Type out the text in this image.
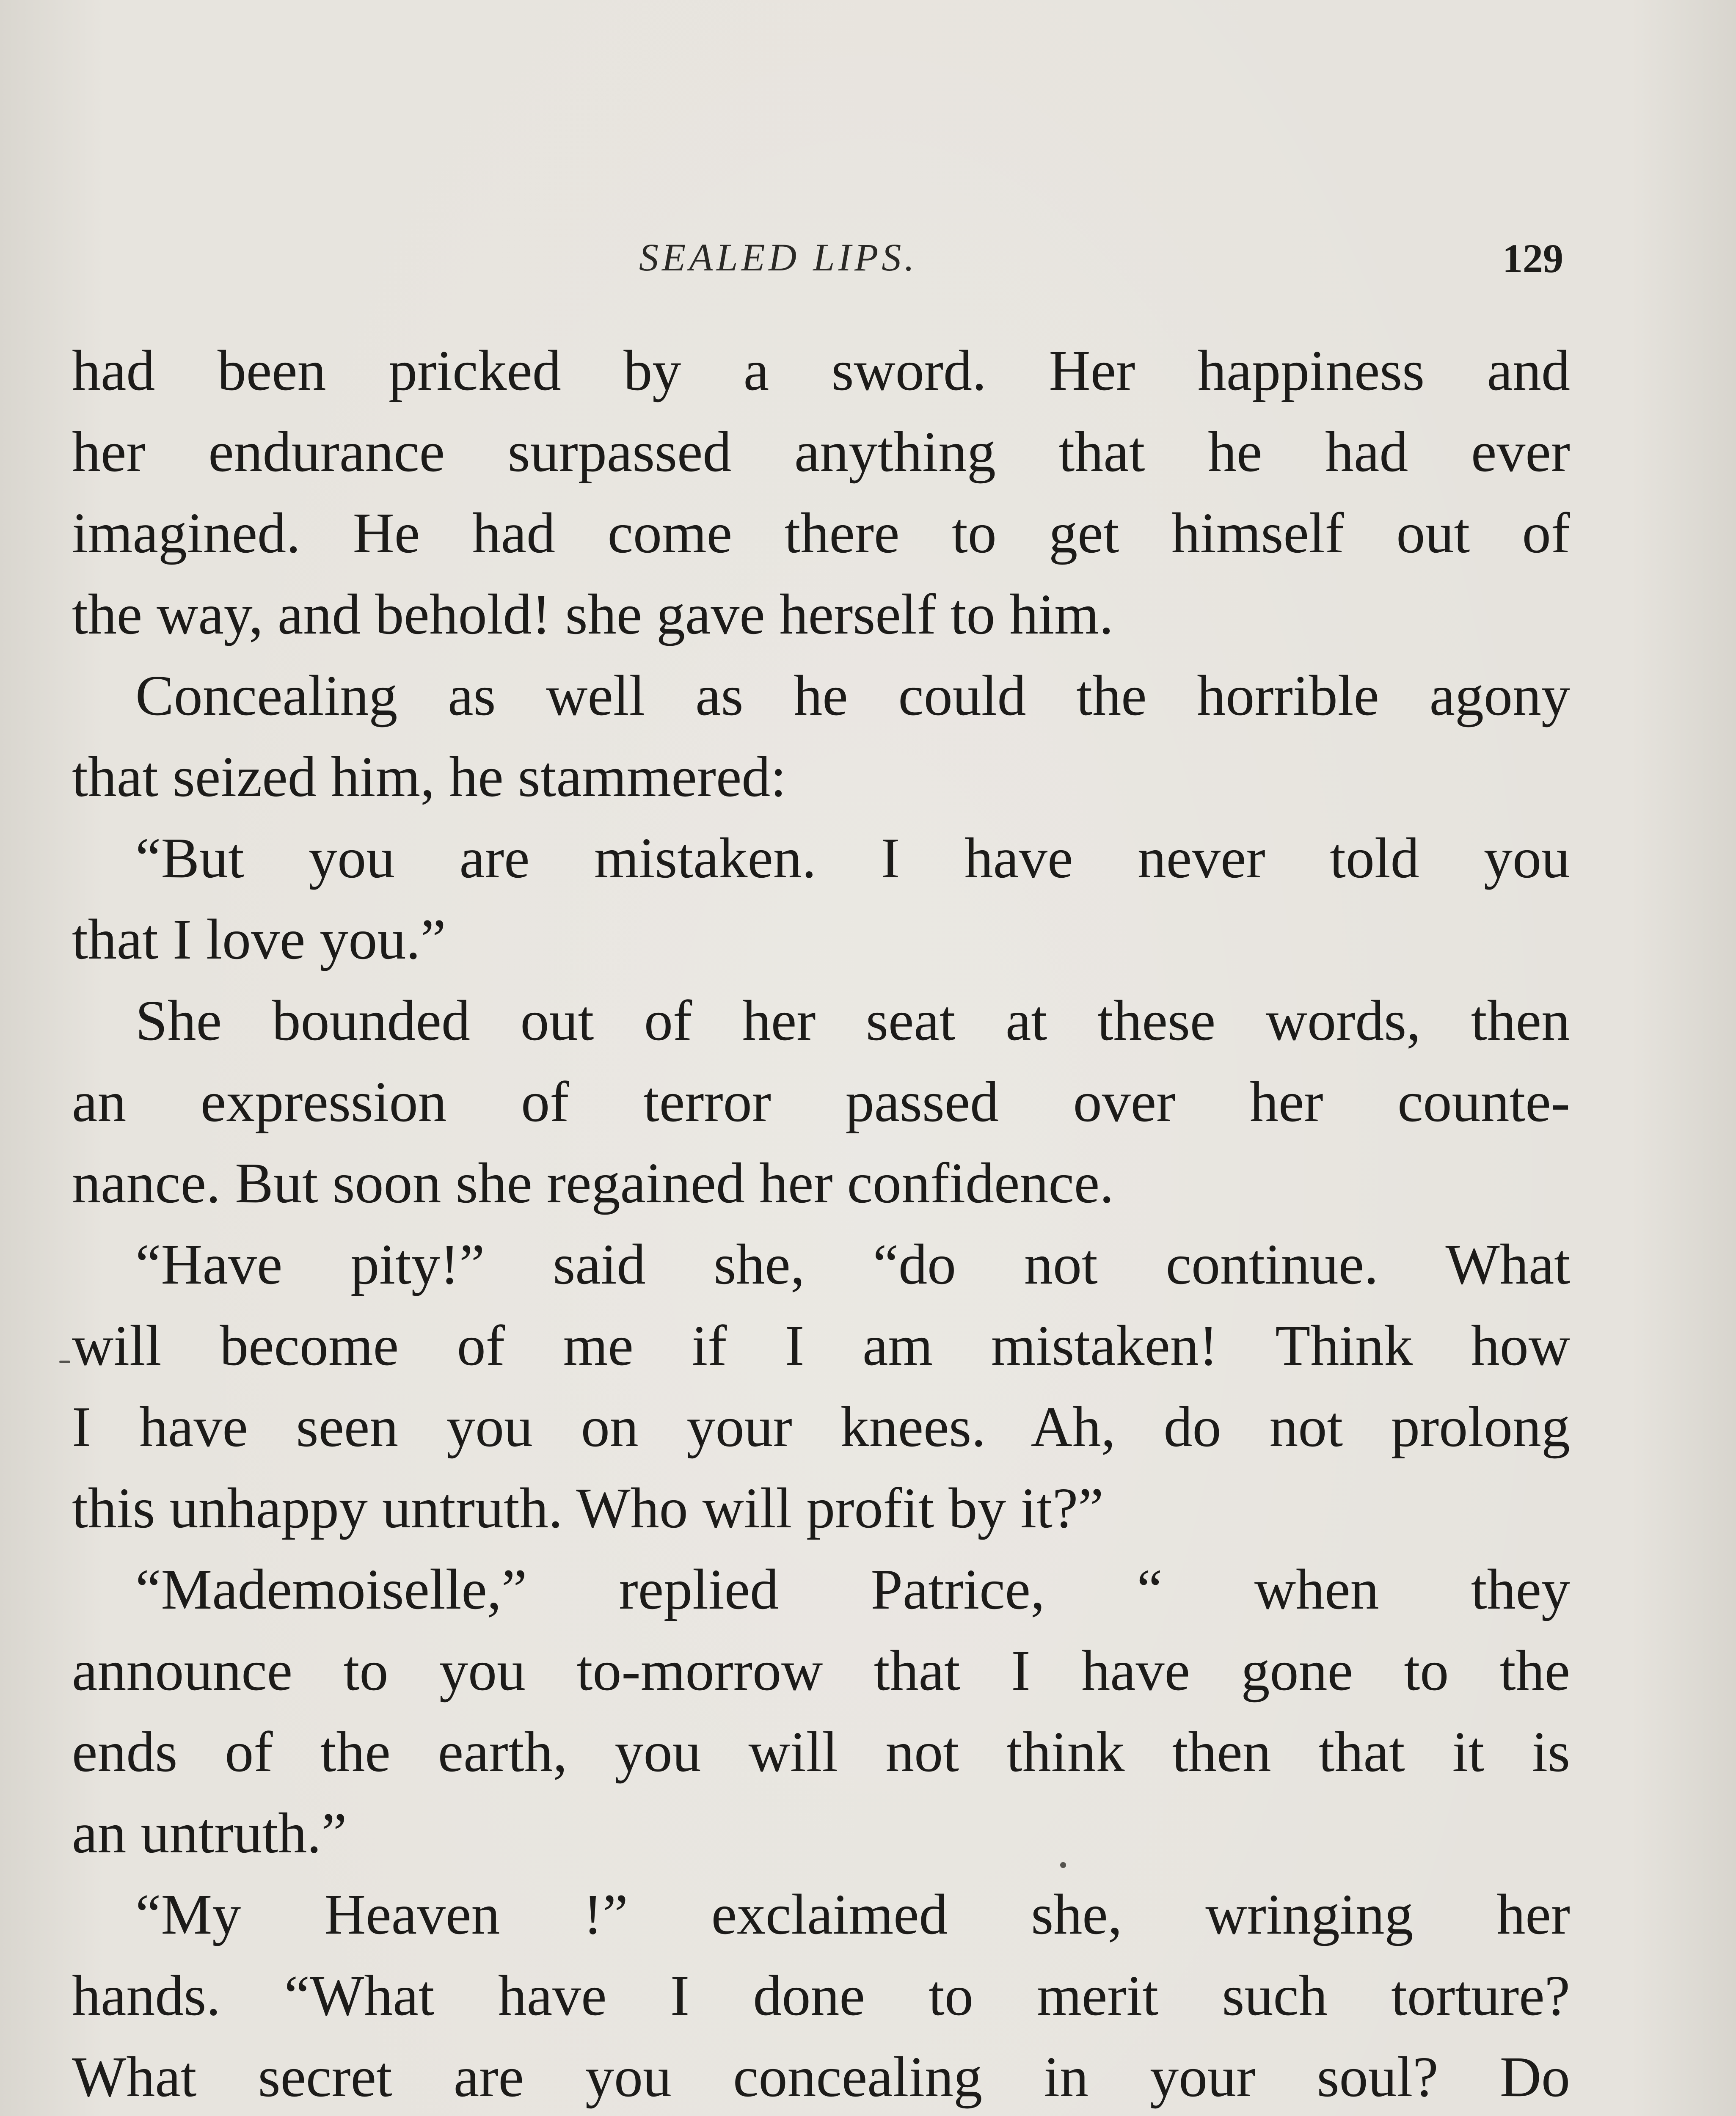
SEALED LIPS.	129
had been pricked by a sword. Her happiness and
her endurance surpassed anything that he had ever
imagined. He had come there to get himself out of
the way, and behold! she gave herself to him.
Concealing as well as he could the horrible agony
that seized him, he stammered:
“But you are mistaken. I have never told you
that I love you.”
She bounded out of her seat at these words, then
an expression of terror passed over her counte-
nance. But soon she regained her confidence.
“Have pity!” said she, “do not continue. What
will become of me if I am mistaken! Think how
I have seen you on your knees. Ah, do not prolong
this unhappy untruth. Who will profit by it?”
“Mademoiselle,” replied Patrice, “ when they
announce to you to-morrow that I have gone to the
ends of the earth, you will not think then that it is
an untruth.”
“My Heaven !” exclaimed she, wringing her
hands. “What have I done to merit such torture?
What secret are you concealing in your soul? Do
